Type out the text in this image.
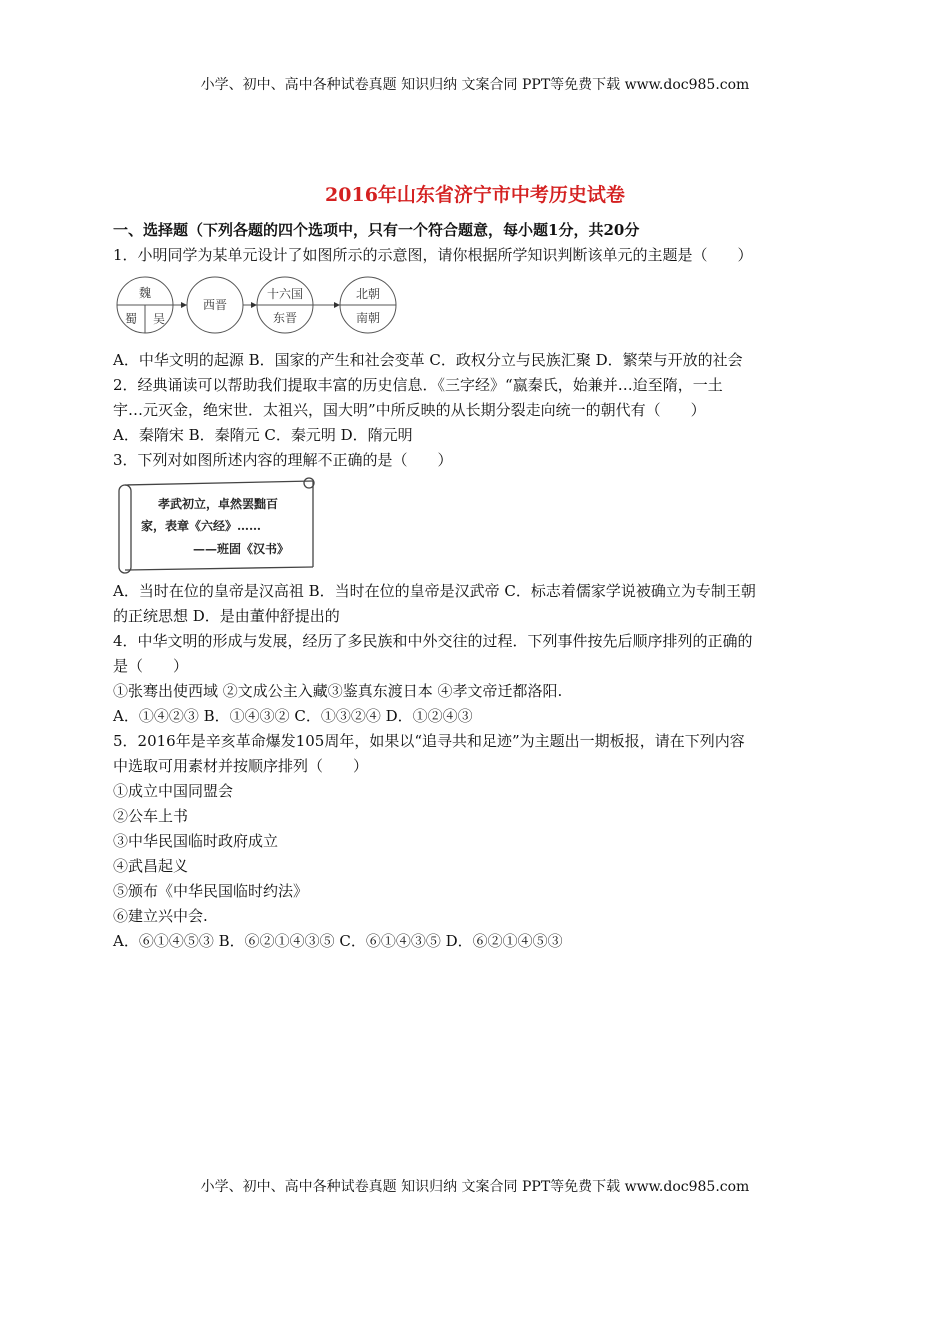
小学、初中、高中各种试卷真题 知识归纳 文案合同 PPT等免费下载 www.doc985.com
2016年山东省济宁市中考历史试卷

一、选择题（下列各题的四个选项中，只有一个符合题意，每小题1分，共20分

1．小明同学为某单元设计了如图所示的示意图，请你根据所学知识判断该单元的主题是（　　）

魏
蜀 吴
西晋
十六国
东晋
北朝
南朝

A．中华文明的起源 B．国家的产生和社会变革 C．政权分立与民族汇聚 D．繁荣与开放的社会

2．经典诵读可以帮助我们提取丰富的历史信息．《三字经》“嬴秦氏，始兼并…迨至隋，一土

宇…元灭金，绝宋世．太祖兴，国大明”中所反映的从长期分裂走向统一的朝代有（　　）

A．秦隋宋 B．秦隋元 C．秦元明 D．隋元明

3．下列对如图所述内容的理解不正确的是（　　）

孝武初立，卓然罢黜百
家，表章《六经》……
——班固《汉书》

A．当时在位的皇帝是汉高祖 B．当时在位的皇帝是汉武帝 C．标志着儒家学说被确立为专制王朝

的正统思想 D．是由董仲舒提出的

4．中华文明的形成与发展，经历了多民族和中外交往的过程．下列事件按先后顺序排列的正确的

是（　　）

①张骞出使西域 ②文成公主入藏③鉴真东渡日本 ④孝文帝迁都洛阳.

A．①④②③ B．①④③② C．①③②④ D．①②④③

5．2016年是辛亥革命爆发105周年，如果以“追寻共和足迹”为主题出一期板报，请在下列内容

中选取可用素材并按顺序排列（　　）

①成立中国同盟会

②公车上书

③中华民国临时政府成立

④武昌起义

⑤颁布《中华民国临时约法》

⑥建立兴中会.

A．⑥①④⑤③ B．⑥②①④③⑤ C．⑥①④③⑤ D．⑥②①④⑤③

小学、初中、高中各种试卷真题 知识归纳 文案合同 PPT等免费下载 www.doc985.com
